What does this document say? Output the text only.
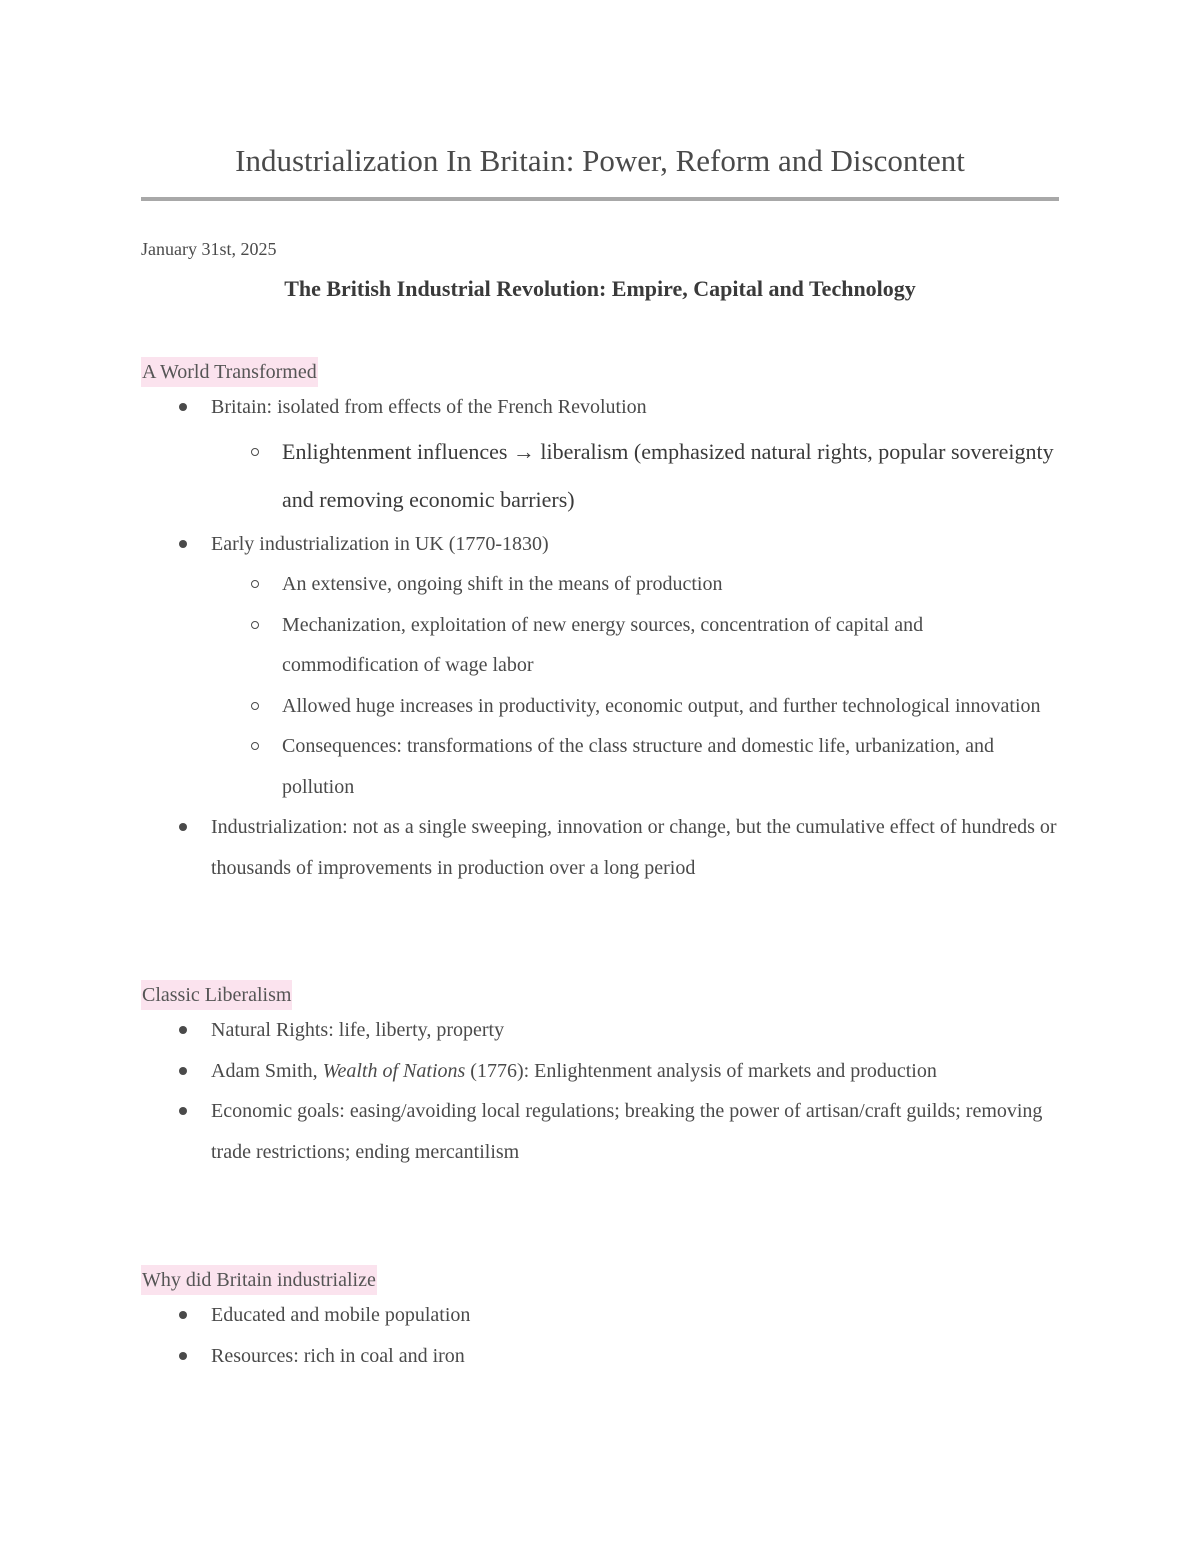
Industrialization In Britain: Power, Reform and Discontent
January 31st, 2025
The British Industrial Revolution: Empire, Capital and Technology
A World Transformed
Britain: isolated from effects of the French Revolution
Enlightenment influences → liberalism (emphasized natural rights, popular sovereignty and removing economic barriers)
Early industrialization in UK (1770-1830)
An extensive, ongoing shift in the means of production
Mechanization, exploitation of new energy sources, concentration of capital and commodification of wage labor
Allowed huge increases in productivity, economic output, and further technological innovation
Consequences: transformations of the class structure and domestic life, urbanization, and pollution
Industrialization: not as a single sweeping, innovation or change, but the cumulative effect of hundreds or thousands of improvements in production over a long period
Classic Liberalism
Natural Rights: life, liberty, property
Adam Smith, Wealth of Nations (1776): Enlightenment analysis of markets and production
Economic goals: easing/avoiding local regulations; breaking the power of artisan/craft guilds; removing trade restrictions; ending mercantilism
Why did Britain industrialize
Educated and mobile population
Resources: rich in coal and iron
